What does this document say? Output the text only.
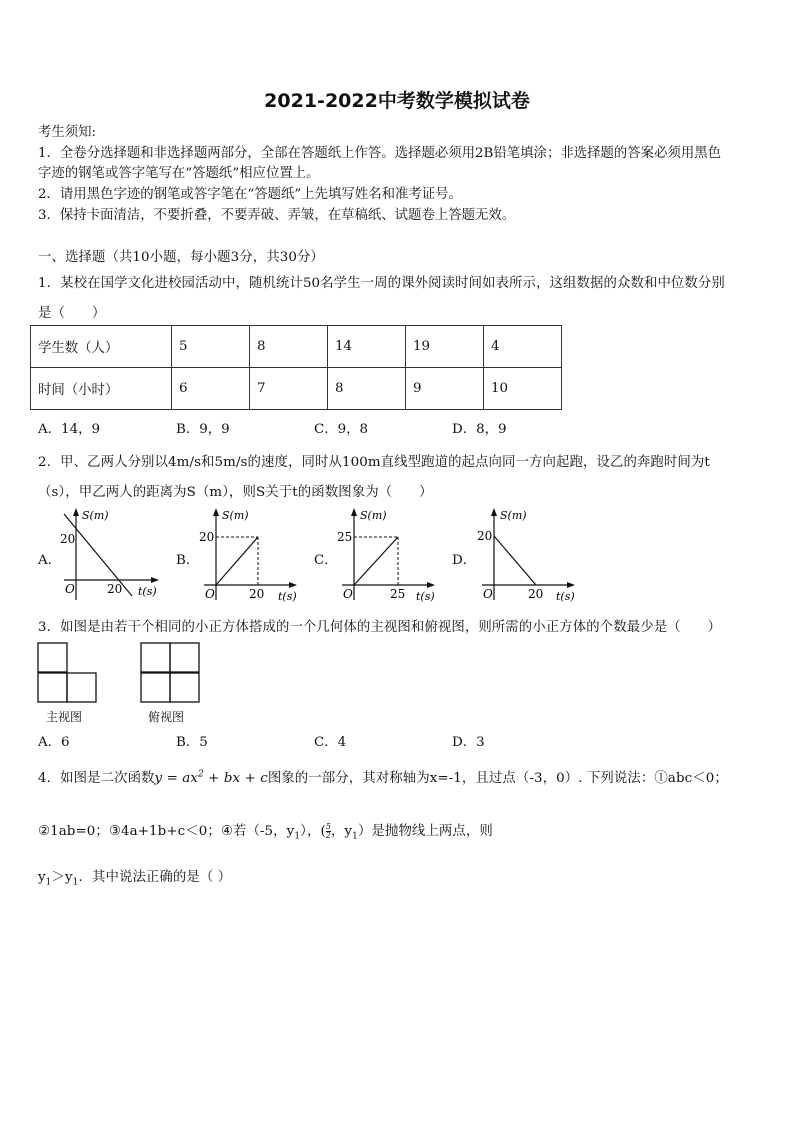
2021-2022中考数学模拟试卷
考生须知:
1．全卷分选择题和非选择题两部分，全部在答题纸上作答。选择题必须用2B铅笔填涂；非选择题的答案必须用黑色
字迹的钢笔或答字笔写在“答题纸”相应位置上。
2．请用黑色字迹的钢笔或答字笔在“答题纸”上先填写姓名和准考证号。
3．保持卡面清洁，不要折叠，不要弄破、弄皱，在草稿纸、试题卷上答题无效。
一、选择题（共10小题，每小题3分，共30分）
1．某校在国学文化进校园活动中，随机统计50名学生一周的课外阅读时间如表所示，这组数据的众数和中位数分别
是（　　）
学生数（人）	5	8	14	19	4
时间（小时）	6	7	8	9	10
A．14，9	B．9，9	C．9，8	D．8，9
2．甲、乙两人分别以4m/s和5m/s的速度，同时从100m直线型跑道的起点向同一方向起跑，设乙的奔跑时间为t
（s），甲乙两人的距离为S（m），则S关于t的函数图象为（　　）
A．
S(m)
20
O	20 t(s)
B．
S(m)
20
O	20 t(s)
C．
S(m)
25
O	25 t(s)
D．
S(m)
20
O	20 t(s)
3．如图是由若干个相同的小正方体搭成的一个几何体的主视图和俯视图，则所需的小正方体的个数最少是（　　）
主视图	俯视图
A．6	B．5	C．4	D．3
4．如图是二次函数$y = ax^2$ + bx + c图象的一部分，其对称轴为x=-1，且过点（-3，0）. 下列说法：①abc＜0；
②1ab=0；③4a+1b+c＜0；④若（-5，$y_1$），( $\frac{5}{2}$ ，$y_1$）是抛物线上两点，则
$y_1>y_1$．其中说法正确的是（ ）
